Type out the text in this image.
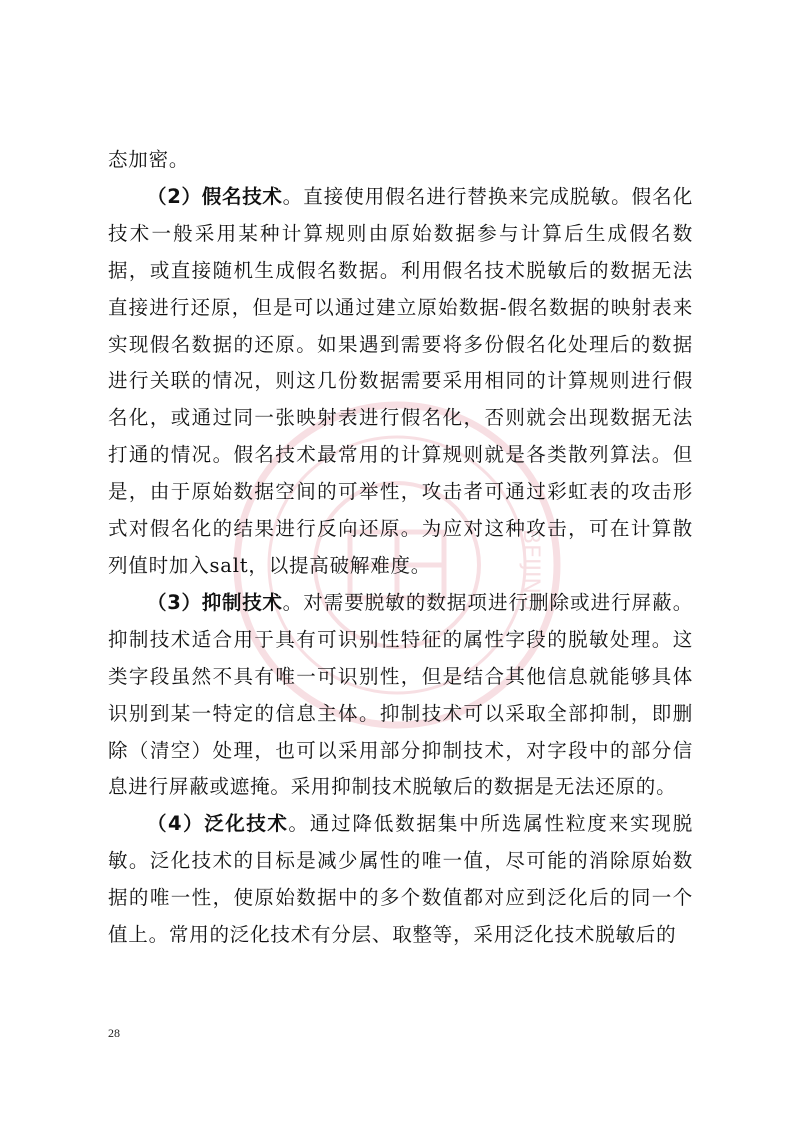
BEIJING

态加密。

（2）假名技术。直接使用假名进行替换来完成脱敏。假名化技术一般采用某种计算规则由原始数据参与计算后生成假名数据，或直接随机生成假名数据。利用假名技术脱敏后的数据无法直接进行还原，但是可以通过建立原始数据-假名数据的映射表来实现假名数据的还原。如果遇到需要将多份假名化处理后的数据进行关联的情况，则这几份数据需要采用相同的计算规则进行假名化，或通过同一张映射表进行假名化，否则就会出现数据无法打通的情况。假名技术最常用的计算规则就是各类散列算法。但是，由于原始数据空间的可举性，攻击者可通过彩虹表的攻击形式对假名化的结果进行反向还原。为应对这种攻击，可在计算散列值时加入salt，以提高破解难度。

（3）抑制技术。对需要脱敏的数据项进行删除或进行屏蔽。抑制技术适合用于具有可识别性特征的属性字段的脱敏处理。这类字段虽然不具有唯一可识别性，但是结合其他信息就能够具体识别到某一特定的信息主体。抑制技术可以采取全部抑制，即删除（清空）处理，也可以采用部分抑制技术，对字段中的部分信息进行屏蔽或遮掩。采用抑制技术脱敏后的数据是无法还原的。

（4）泛化技术。通过降低数据集中所选属性粒度来实现脱敏。泛化技术的目标是减少属性的唯一值，尽可能的消除原始数据的唯一性，使原始数据中的多个数值都对应到泛化后的同一个值上。常用的泛化技术有分层、取整等，采用泛化技术脱敏后的

28
